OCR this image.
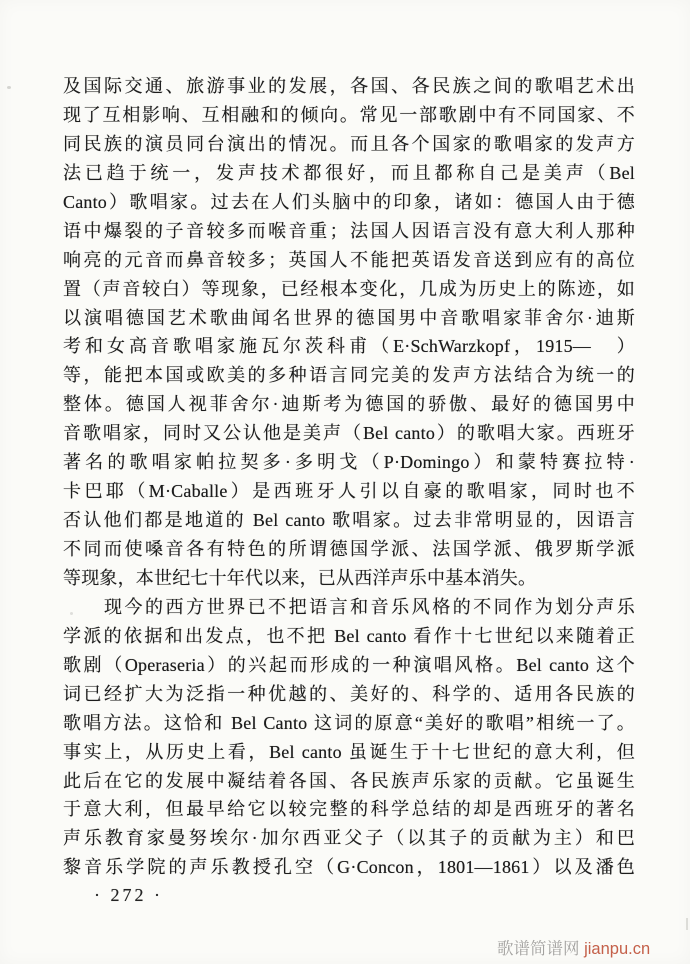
及国际交通、旅游事业的发展，各国、各民族之间的歌唱艺术出
现了互相影响、互相融和的倾向。常见一部歌剧中有不同国家、不
同民族的演员同台演出的情况。而且各个国家的歌唱家的发声方
法已趋于统一，发声技术都很好，而且都称自己是美声（Bel
Canto）歌唱家。过去在人们头脑中的印象，诸如：德国人由于德
语中爆裂的子音较多而喉音重；法国人因语言没有意大利人那种
响亮的元音而鼻音较多；英国人不能把英语发音送到应有的高位
置（声音较白）等现象，已经根本变化，几成为历史上的陈迹，如
以演唱德国艺术歌曲闻名世界的德国男中音歌唱家菲舍尔·迪斯
考和女高音歌唱家施瓦尔茨科甫（E·SchWarzkopf，1915—　）
等，能把本国或欧美的多种语言同完美的发声方法结合为统一的
整体。德国人视菲舍尔·迪斯考为德国的骄傲、最好的德国男中
音歌唱家，同时又公认他是美声（Bel canto）的歌唱大家。西班牙
著名的歌唱家帕拉契多·多明戈（P·Domingo）和蒙特赛拉特·
卡巴耶（M·Caballe）是西班牙人引以自豪的歌唱家，同时也不
否认他们都是地道的 Bel canto 歌唱家。过去非常明显的，因语言
不同而使嗓音各有特色的所谓德国学派、法国学派、俄罗斯学派
等现象，本世纪七十年代以来，已从西洋声乐中基本消失。
　　现今的西方世界已不把语言和音乐风格的不同作为划分声乐
学派的依据和出发点，也不把 Bel canto 看作十七世纪以来随着正
歌剧（Operaseria）的兴起而形成的一种演唱风格。Bel canto 这个
词已经扩大为泛指一种优越的、美好的、科学的、适用各民族的
歌唱方法。这恰和 Bel Canto 这词的原意“美好的歌唱”相统一了。
事实上，从历史上看，Bel canto 虽诞生于十七世纪的意大利，但
此后在它的发展中凝结着各国、各民族声乐家的贡献。它虽诞生
于意大利，但最早给它以较完整的科学总结的却是西班牙的著名
声乐教育家曼努埃尔·加尔西亚父子（以其子的贡献为主）和巴
黎音乐学院的声乐教授孔空（G·Concon，1801—1861）以及潘色
· 272 ·
歌谱简谱网 jianpu.cn
